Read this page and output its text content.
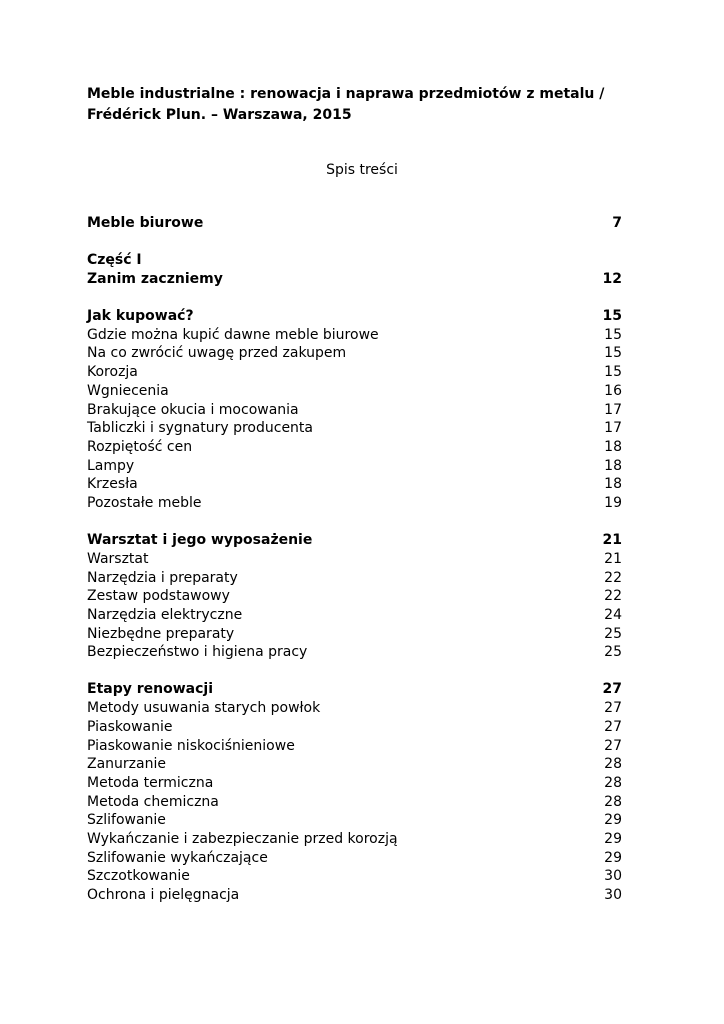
Meble industrialne : renowacja i naprawa przedmiotów z metalu /
Frédérick Plun. – Warszawa, 2015
Spis treści
Meble biurowe	7
Część I
Zanim zaczniemy	12
Jak kupować?	15
Gdzie można kupić dawne meble biurowe	15
Na co zwrócić uwagę przed zakupem	15
Korozja	15
Wgniecenia	16
Brakujące okucia i mocowania	17
Tabliczki i sygnatury producenta	17
Rozpiętość cen	18
Lampy	18
Krzesła	18
Pozostałe meble	19
Warsztat i jego wyposażenie	21
Warsztat	21
Narzędzia i preparaty	22
Zestaw podstawowy	22
Narzędzia elektryczne	24
Niezbędne preparaty	25
Bezpieczeństwo i higiena pracy	25
Etapy renowacji	27
Metody usuwania starych powłok	27
Piaskowanie	27
Piaskowanie niskociśnieniowe	27
Zanurzanie	28
Metoda termiczna	28
Metoda chemiczna	28
Szlifowanie	29
Wykańczanie i zabezpieczanie przed korozją	29
Szlifowanie wykańczające	29
Szczotkowanie	30
Ochrona i pielęgnacja	30
